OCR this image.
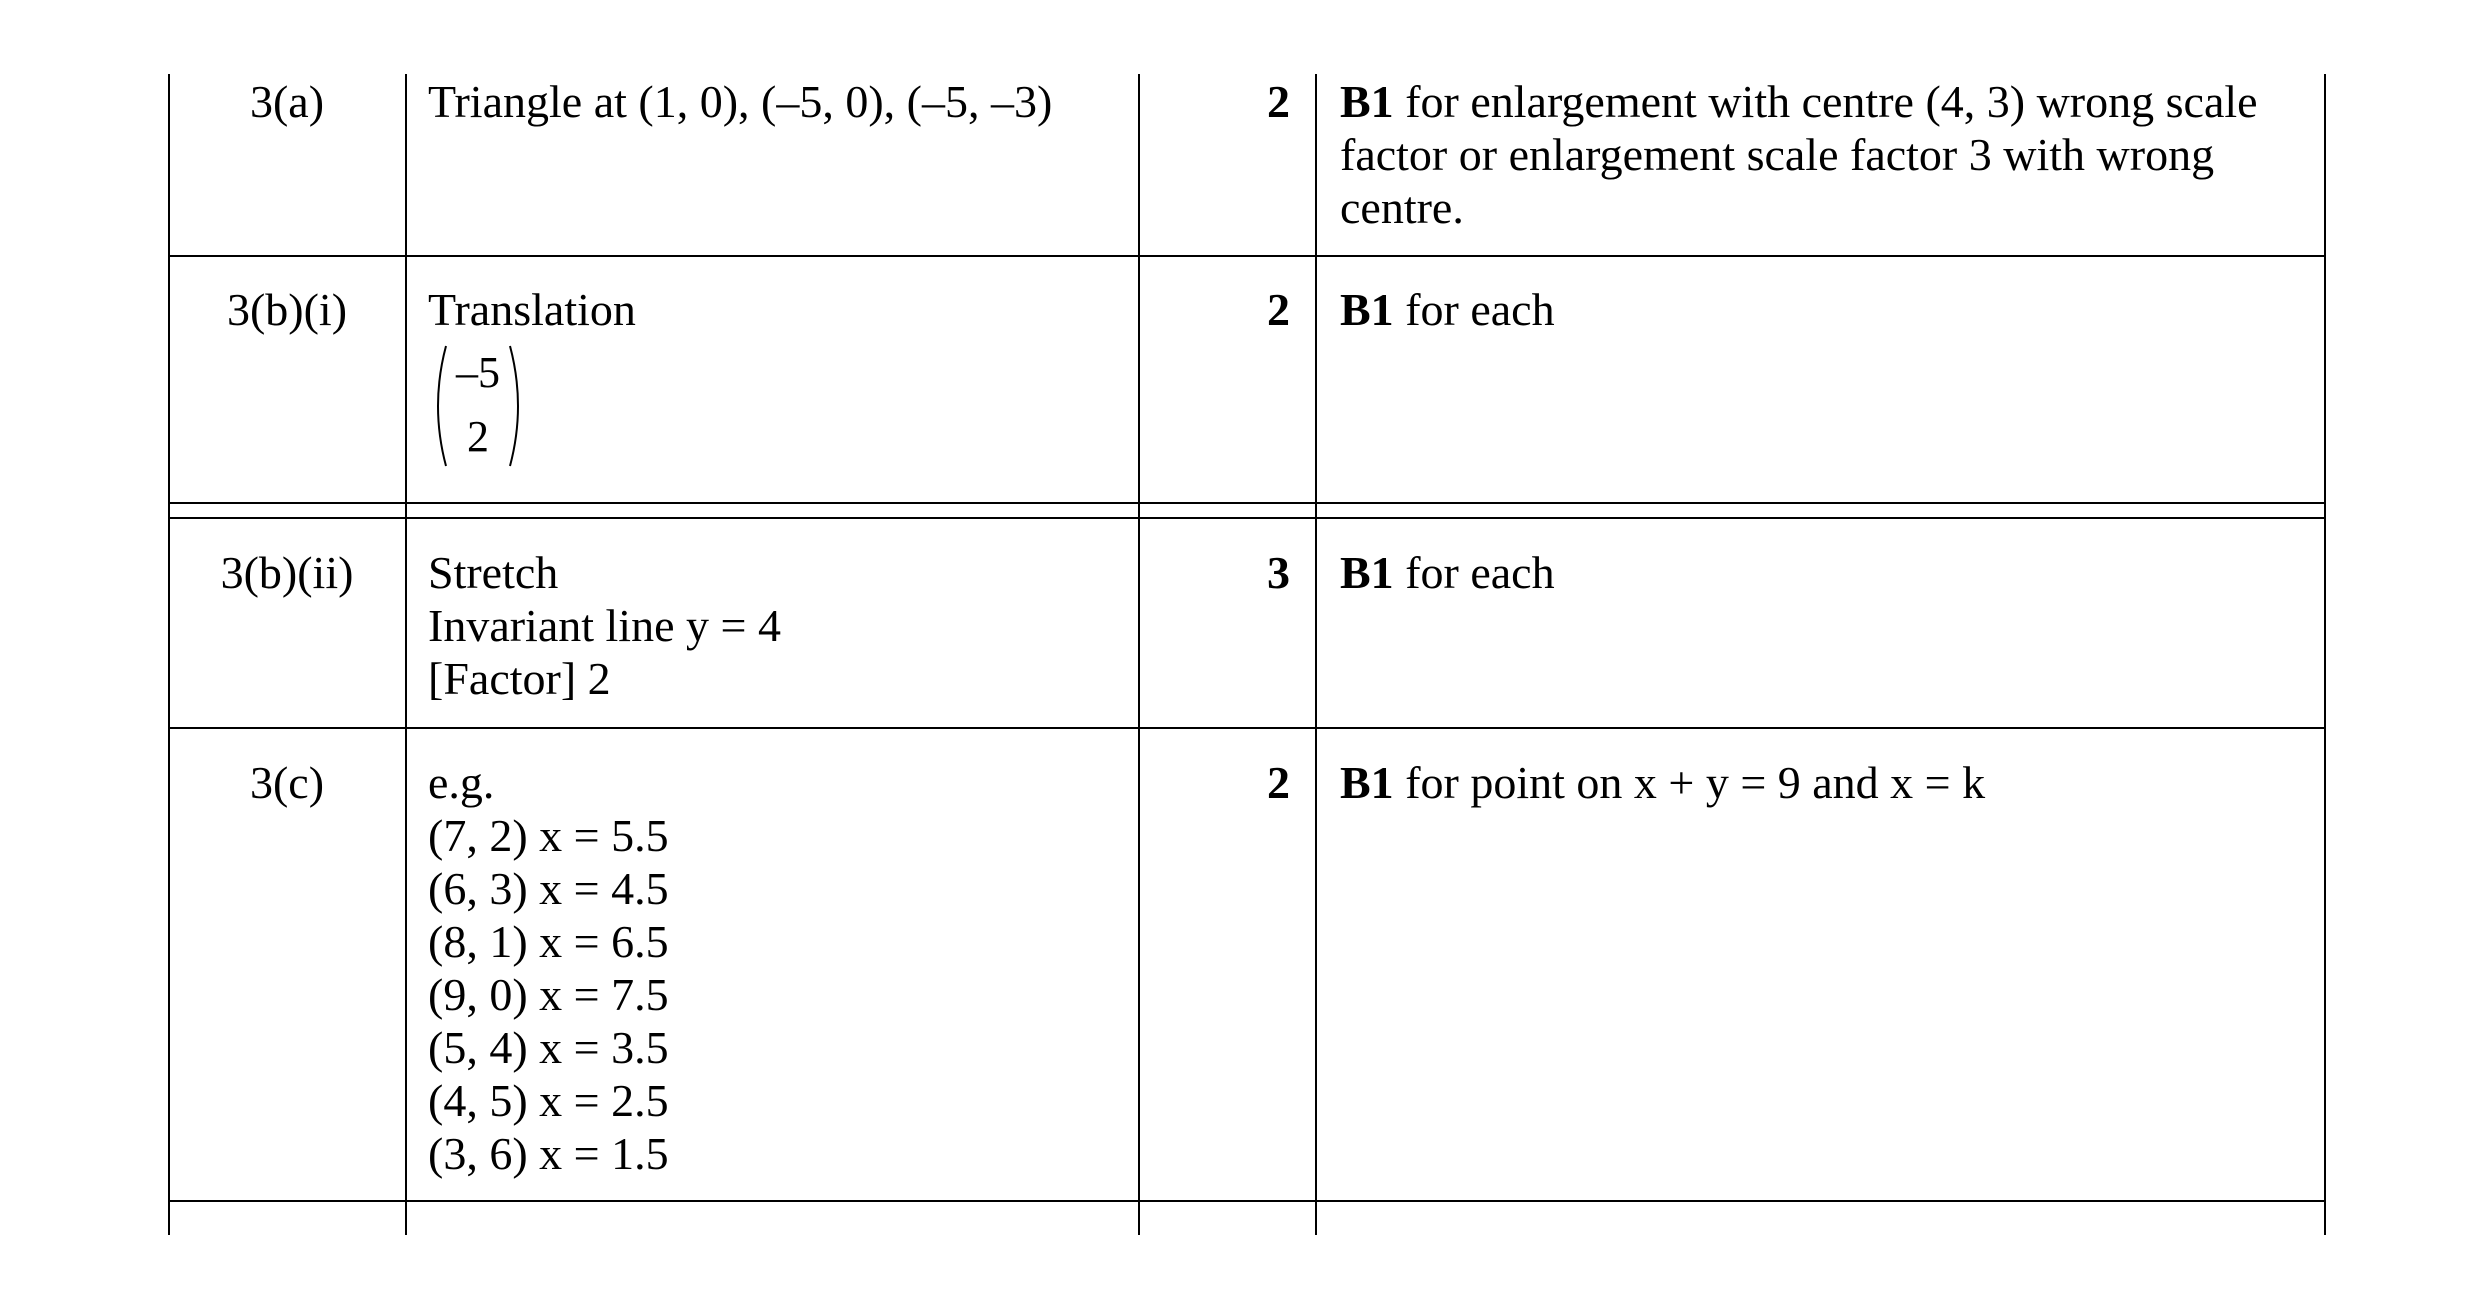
3(a)	Triangle at (1, 0), (–5, 0), (–5, –3)	2 B1 for enlargement with centre (4, 3) wrong scale factor or enlargement scale factor 3 with wrong centre.
3(b)(i)	Translation
–5
2
2 B1 for each
3(b)(ii)	Stretch
Invariant line y = 4
[Factor] 2
3 B1 for each
3(c)	e.g.
(7, 2) x = 5.5
(6, 3) x = 4.5
(8, 1) x = 6.5
(9, 0) x = 7.5
(5, 4) x = 3.5
(4, 5) x = 2.5
(3, 6) x = 1.5
2 B1 for point on x + y = 9 and x = k
